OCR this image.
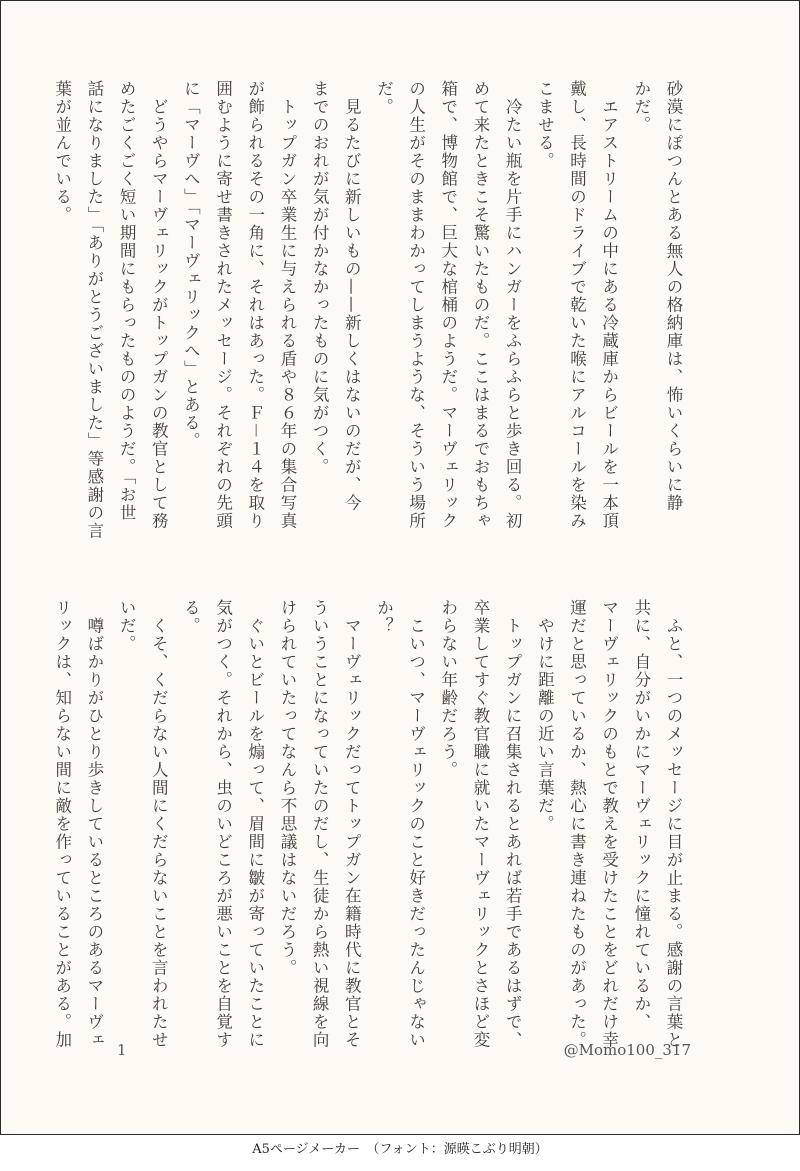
砂漠にぽつんとある無人の格納庫は、怖いくらいに静
かだ。
　エアストリームの中にある冷蔵庫からビールを一本頂
戴し、長時間のドライブで乾いた喉にアルコールを染み
こませる。
　冷たい瓶を片手にハンガーをふらふらと歩き回る。初
めて来たときこそ驚いたものだ。ここはまるでおもちゃ
箱で、博物館で、巨大な棺桶のようだ。マーヴェリック
の人生がそのままわかってしまうような、そういう場所
だ。
　見るたびに新しいもの——新しくはないのだが、今
までのおれが気が付かなかったものに気がつく。
　トップガン卒業生に与えられる盾や８６年の集合写真
が飾られるその一角に、それはあった。Ｆ－１４を取り
囲むように寄せ書きされたメッセージ。それぞれの先頭
に「マーヴへ」「マーヴェリックへ」とある。
　どうやらマーヴェリックがトップガンの教官として務
めたごくごく短い期間にもらったもののようだ。「お世
話になりました」「ありがとうございました」等感謝の言
葉が並んでいる。
　ふと、一つのメッセージに目が止まる。感謝の言葉と
共に、自分がいかにマーヴェリックに憧れているか、
マーヴェリックのもとで教えを受けたことをどれだけ幸
運だと思っているか、熱心に書き連ねたものがあった。
　やけに距離の近い言葉だ。
　トップガンに召集されるとあれば若手であるはずで、
卒業してすぐ教官職に就いたマーヴェリックとさほど変
わらない年齢だろう。
　こいつ、マーヴェリックのこと好きだったんじゃない
か？
　マーヴェリックだってトップガン在籍時代に教官とそ
ういうことになっていたのだし、生徒から熱い視線を向
けられていたってなんら不思議はないだろう。
　ぐいとビールを煽って、眉間に皺が寄っていたことに
気がつく。それから、虫のいどころが悪いことを自覚す
る。
　くそ、くだらない人間にくだらないことを言われたせ
いだ。
　噂ばかりがひとり歩きしているところのあるマーヴェ
リックは、知らない間に敵を作っていることがある。加
1	@Momo100_317
A5ページメーカー　（フォント：源暎こぶり明朝）
